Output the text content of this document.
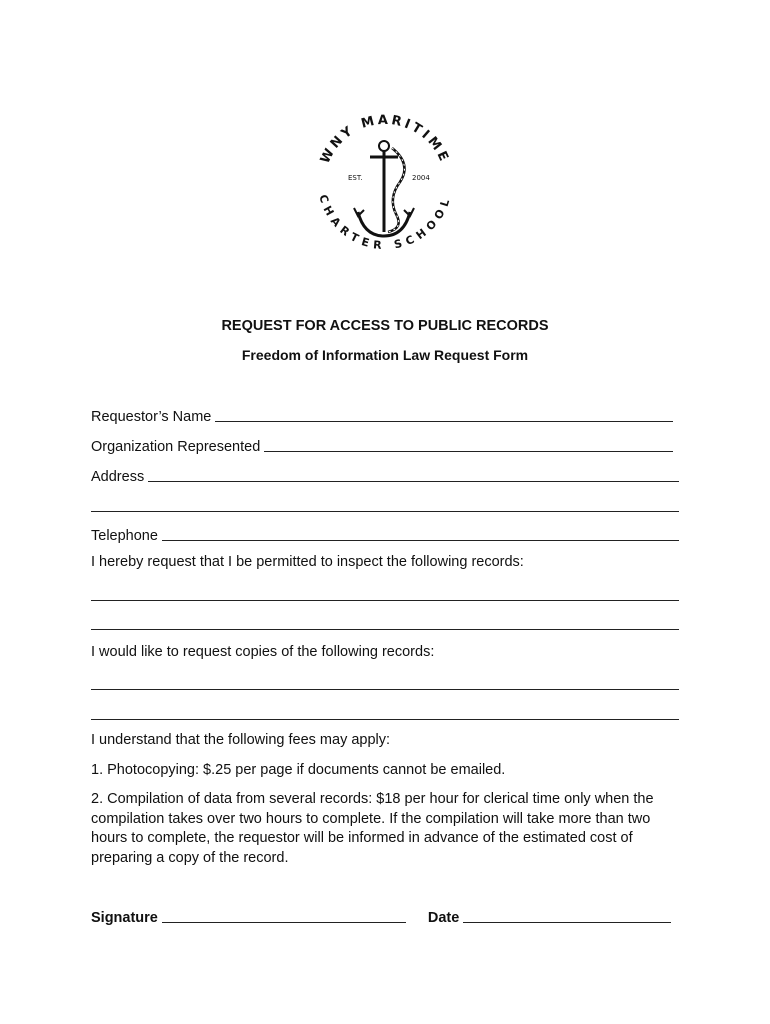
WNY MARITIME
CHARTER SCHOOL
EST.	2004
REQUEST FOR ACCESS TO PUBLIC RECORDS
Freedom of Information Law Request Form
Requestor’s Name
Organization Represented
Address
Telephone
I hereby request that I be permitted to inspect the following records:
I would like to request copies of the following records:
I understand that the following fees may apply:
1. Photocopying: $.25 per page if documents cannot be emailed.
2. Compilation of data from several records: $18 per hour for clerical time only when the compilation takes over two hours to complete. If the compilation will take more than two hours to complete, the requestor will be informed in advance of the estimated cost of preparing a copy of the record.
Signature	Date
